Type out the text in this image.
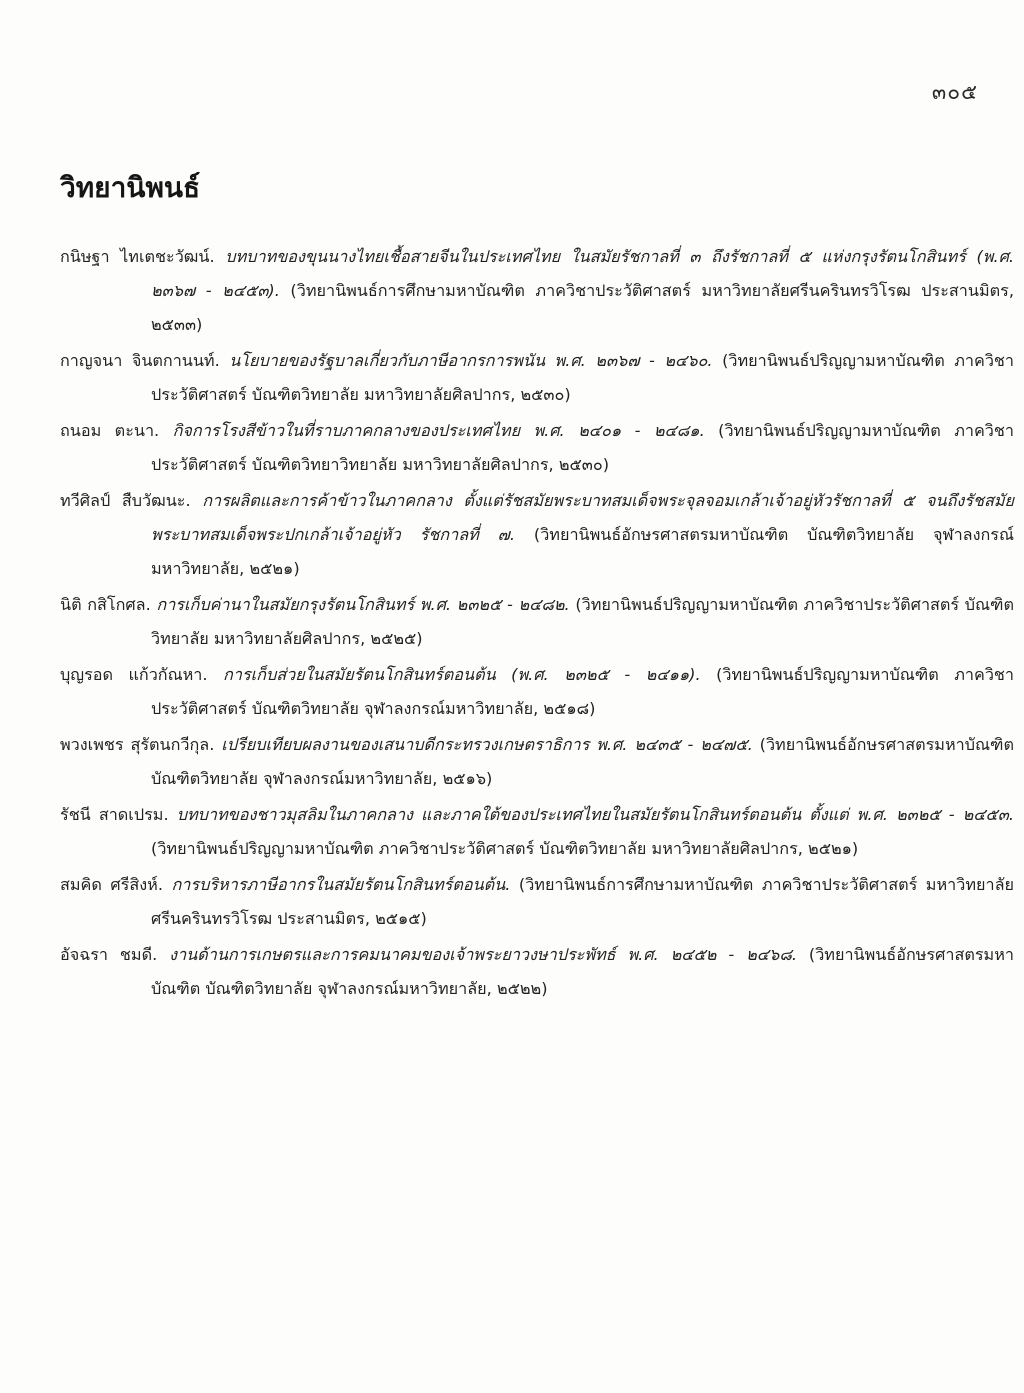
๓๐๕
วิทยานิพนธ์

กนิษฐา ไทเตชะวัฒน์. บทบาทของขุนนางไทยเชื้อสายจีนในประเทศไทย ในสมัยรัชกาลที่ ๓ ถึงรัชกาลที่ ๕ แห่งกรุงรัตนโกสินทร์ (พ.ศ. ๒๓๖๗ - ๒๔๕๓). (วิทยานิพนธ์การศึกษามหาบัณฑิต ภาควิชาประวัติศาสตร์ มหาวิทยาลัยศรีนครินทรวิโรฒ ประสานมิตร, ๒๕๓๓)

กาญจนา จินตกานนท์. นโยบายของรัฐบาลเกี่ยวกับภาษีอากรการพนัน พ.ศ. ๒๓๖๗ - ๒๔๖๐. (วิทยานิพนธ์ปริญญามหาบัณฑิต ภาควิชาประวัติศาสตร์ บัณฑิตวิทยาลัย มหาวิทยาลัยศิลปากร, ๒๕๓๐)

ถนอม ตะนา. กิจการโรงสีข้าวในที่ราบภาคกลางของประเทศไทย พ.ศ. ๒๔๐๑ - ๒๔๘๑. (วิทยานิพนธ์ปริญญามหาบัณฑิต ภาควิชาประวัติศาสตร์ บัณฑิตวิทยาวิทยาลัย มหาวิทยาลัยศิลปากร, ๒๕๓๐)

ทวีศิลป์ สืบวัฒนะ. การผลิตและการค้าข้าวในภาคกลาง ตั้งแต่รัชสมัยพระบาทสมเด็จพระจุลจอมเกล้าเจ้าอยู่หัวรัชกาลที่ ๕ จนถึงรัชสมัยพระบาทสมเด็จพระปกเกล้าเจ้าอยู่หัว รัชกาลที่ ๗. (วิทยานิพนธ์อักษรศาสตรมหาบัณฑิต บัณฑิตวิทยาลัย จุฬาลงกรณ์มหาวิทยาลัย, ๒๕๒๑)

นิติ กสิโกศล. การเก็บค่านาในสมัยกรุงรัตนโกสินทร์ พ.ศ. ๒๓๒๕ - ๒๔๘๒. (วิทยานิพนธ์ปริญญามหาบัณฑิต ภาควิชาประวัติศาสตร์ บัณฑิตวิทยาลัย มหาวิทยาลัยศิลปากร, ๒๕๒๕)

บุญรอด แก้วกัณหา. การเก็บส่วยในสมัยรัตนโกสินทร์ตอนต้น (พ.ศ. ๒๓๒๕ - ๒๔๑๑). (วิทยานิพนธ์ปริญญามหาบัณฑิต ภาควิชาประวัติศาสตร์ บัณฑิตวิทยาลัย จุฬาลงกรณ์มหาวิทยาลัย, ๒๕๑๘)

พวงเพชร สุรัตนกวีกุล. เปรียบเทียบผลงานของเสนาบดีกระทรวงเกษตราธิการ พ.ศ. ๒๔๓๕ - ๒๔๗๕. (วิทยานิพนธ์อักษรศาสตรมหาบัณฑิต บัณฑิตวิทยาลัย จุฬาลงกรณ์มหาวิทยาลัย, ๒๕๑๖)

รัชนี สาดเปรม. บทบาทของชาวมุสลิมในภาคกลาง และภาคใต้ของประเทศไทยในสมัยรัตนโกสินทร์ตอนต้น ตั้งแต่ พ.ศ. ๒๓๒๕ - ๒๔๕๓. (วิทยานิพนธ์ปริญญามหาบัณฑิต ภาควิชาประวัติศาสตร์ บัณฑิตวิทยาลัย มหาวิทยาลัยศิลปากร, ๒๕๒๑)

สมคิด ศรีสิงห์. การบริหารภาษีอากรในสมัยรัตนโกสินทร์ตอนต้น. (วิทยานิพนธ์การศึกษามหาบัณฑิต ภาควิชาประวัติศาสตร์ มหาวิทยาลัยศรีนครินทรวิโรฒ ประสานมิตร, ๒๕๑๕)

อัจฉรา ชมดี. งานด้านการเกษตรและการคมนาคมของเจ้าพระยาวงษาประพัทธ์ พ.ศ. ๒๔๕๒ - ๒๔๖๘. (วิทยานิพนธ์อักษรศาสตรมหาบัณฑิต บัณฑิตวิทยาลัย จุฬาลงกรณ์มหาวิทยาลัย, ๒๕๒๒)
